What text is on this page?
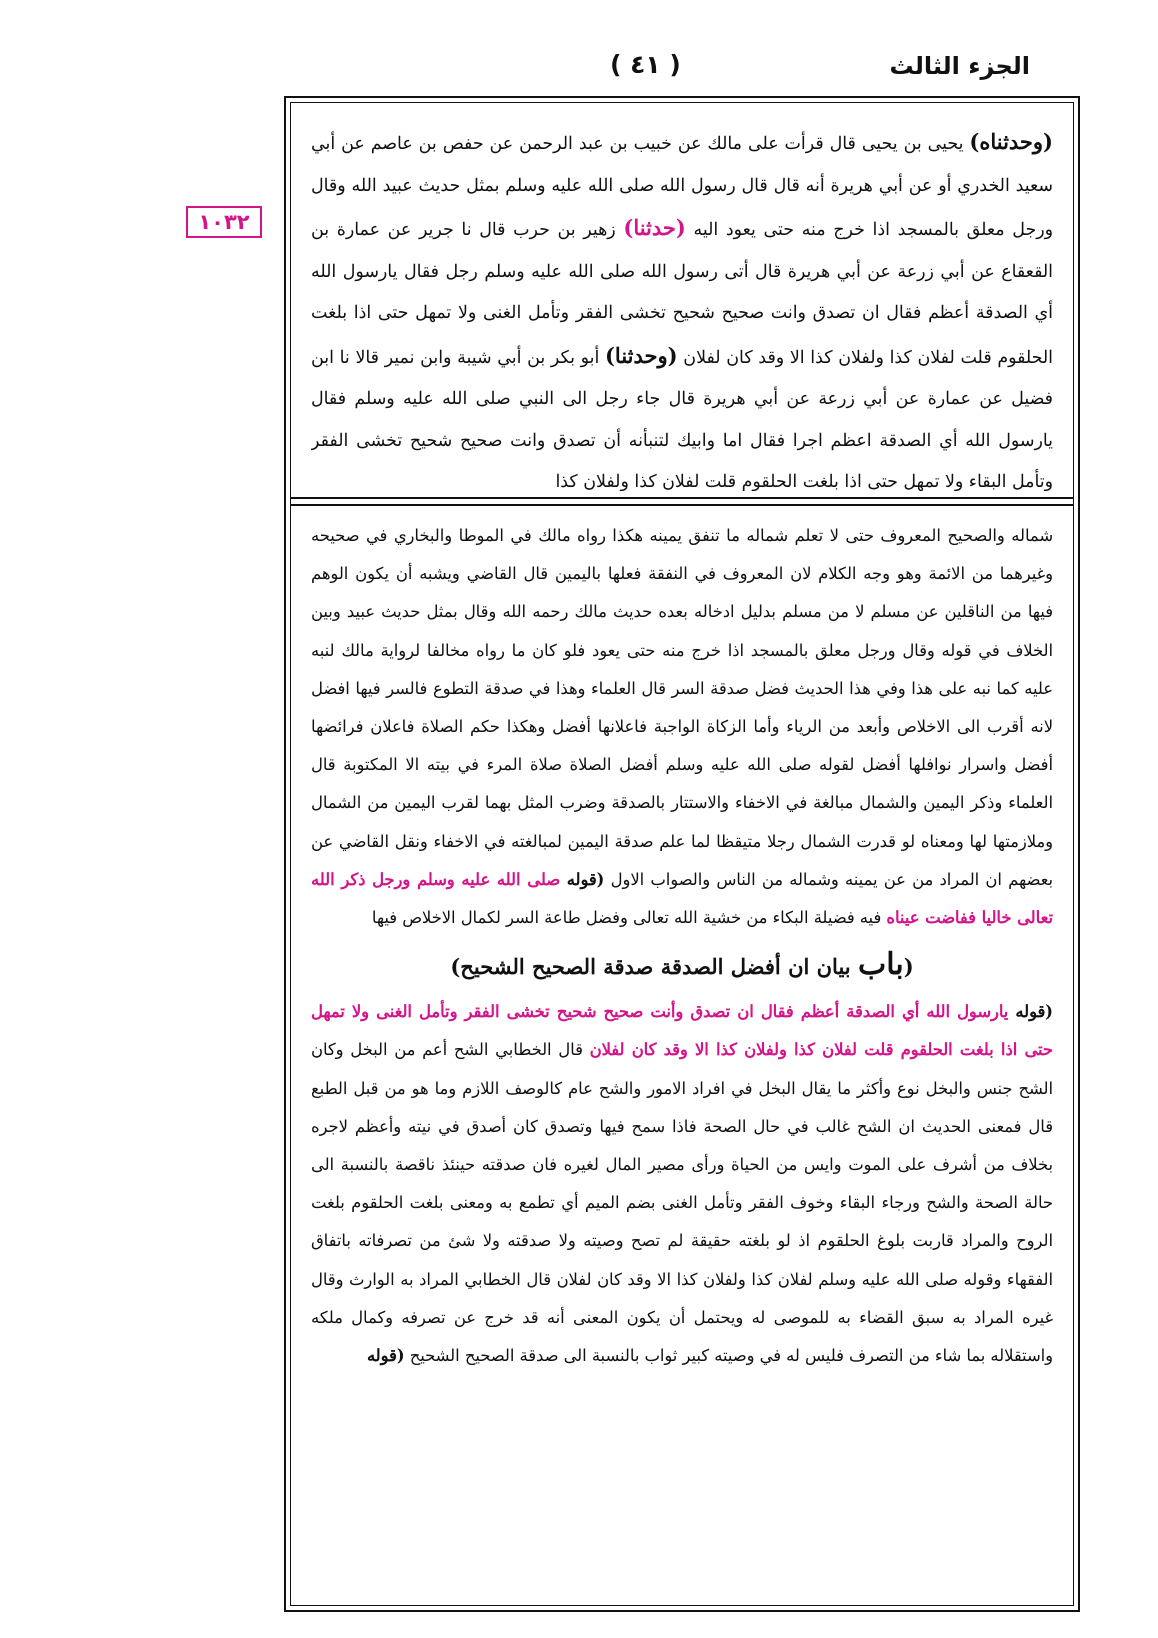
الجزء الثالث
( ٤١ )
١٠٣٢
(وحدثناه) يحيى بن يحيى قال قرأت على مالك عن خبيب بن عبد الرحمن عن حفص بن عاصم عن أبي سعيد الخدري أو عن أبي هريرة أنه قال قال رسول الله صلى الله عليه وسلم بمثل حديث عبيد الله وقال ورجل معلق بالمسجد اذا خرج منه حتى يعود اليه (حدثنا) زهير بن حرب قال نا جرير عن عمارة بن القعقاع عن أبي زرعة عن أبي هريرة قال أتى رسول الله صلى الله عليه وسلم رجل فقال يارسول الله أي الصدقة أعظم فقال ان تصدق وانت صحيح شحيح تخشى الفقر وتأمل الغنى ولا تمهل حتى اذا بلغت الحلقوم قلت لفلان كذا ولفلان كذا الا وقد كان لفلان (وحدثنا) أبو بكر بن أبي شيبة وابن نمير قالا نا ابن فضيل عن عمارة عن أبي زرعة عن أبي هريرة قال جاء رجل الى النبي صلى الله عليه وسلم فقال يارسول الله أي الصدقة اعظم اجرا فقال اما وابيك لتنبأنه أن تصدق وانت صحيح شحيح تخشى الفقر وتأمل البقاء ولا تمهل حتى اذا بلغت الحلقوم قلت لفلان كذا ولفلان كذا

شماله والصحيح المعروف حتى لا تعلم شماله ما تنفق يمينه هكذا رواه مالك في الموطا والبخاري في صحيحه وغيرهما من الائمة وهو وجه الكلام لان المعروف في النفقة فعلها باليمين قال القاضي ويشبه أن يكون الوهم فيها من الناقلين عن مسلم لا من مسلم بدليل ادخاله بعده حديث مالك رحمه الله وقال بمثل حديث عبيد وبين الخلاف في قوله وقال ورجل معلق بالمسجد اذا خرج منه حتى يعود فلو كان ما رواه مخالفا لرواية مالك لنبه عليه كما نبه على هذا وفي هذا الحديث فضل صدقة السر قال العلماء وهذا في صدقة التطوع فالسر فيها افضل لانه أقرب الى الاخلاص وأبعد من الرياء وأما الزكاة الواجبة فاعلانها أفضل وهكذا حكم الصلاة فاعلان فرائضها أفضل واسرار نوافلها أفضل لقوله صلى الله عليه وسلم أفضل الصلاة صلاة المرء في بيته الا المكتوبة قال العلماء وذكر اليمين والشمال مبالغة في الاخفاء والاستتار بالصدقة وضرب المثل بهما لقرب اليمين من الشمال وملازمتها لها ومعناه لو قدرت الشمال رجلا متيقظا لما علم صدقة اليمين لمبالغته في الاخفاء ونقل القاضي عن بعضهم ان المراد من عن يمينه وشماله من الناس والصواب الاول (قوله صلى الله عليه وسلم ورجل ذكر الله تعالى خاليا ففاضت عيناه فيه فضيلة البكاء من خشية الله تعالى وفضل طاعة السر لكمال الاخلاص فيها

(باب بيان ان أفضل الصدقة صدقة الصحيح الشحيح)

(قوله يارسول الله أي الصدقة أعظم فقال ان تصدق وأنت صحيح شحيح تخشى الفقر وتأمل الغنى ولا تمهل حتى اذا بلغت الحلقوم قلت لفلان كذا ولفلان كذا الا وقد كان لفلان قال الخطابي الشح أعم من البخل وكان الشح جنس والبخل نوع وأكثر ما يقال البخل في افراد الامور والشح عام كالوصف اللازم وما هو من قبل الطبع قال فمعنى الحديث ان الشح غالب في حال الصحة فاذا سمح فيها وتصدق كان أصدق في نيته وأعظم لاجره بخلاف من أشرف على الموت وايس من الحياة ورأى مصير المال لغيره فان صدقته حينئذ ناقصة بالنسبة الى حالة الصحة والشح ورجاء البقاء وخوف الفقر وتأمل الغنى بضم الميم أي تطمع به ومعنى بلغت الحلقوم بلغت الروح والمراد قاربت بلوغ الحلقوم اذ لو بلغته حقيقة لم تصح وصيته ولا صدقته ولا شئ من تصرفاته باتفاق الفقهاء وقوله صلى الله عليه وسلم لفلان كذا ولفلان كذا الا وقد كان لفلان قال الخطابي المراد به الوارث وقال غيره المراد به سبق القضاء به للموصى له ويحتمل أن يكون المعنى أنه قد خرج عن تصرفه وكمال ملكه واستقلاله بما شاء من التصرف فليس له في وصيته كبير ثواب بالنسبة الى صدقة الصحيح الشحيح (قوله
